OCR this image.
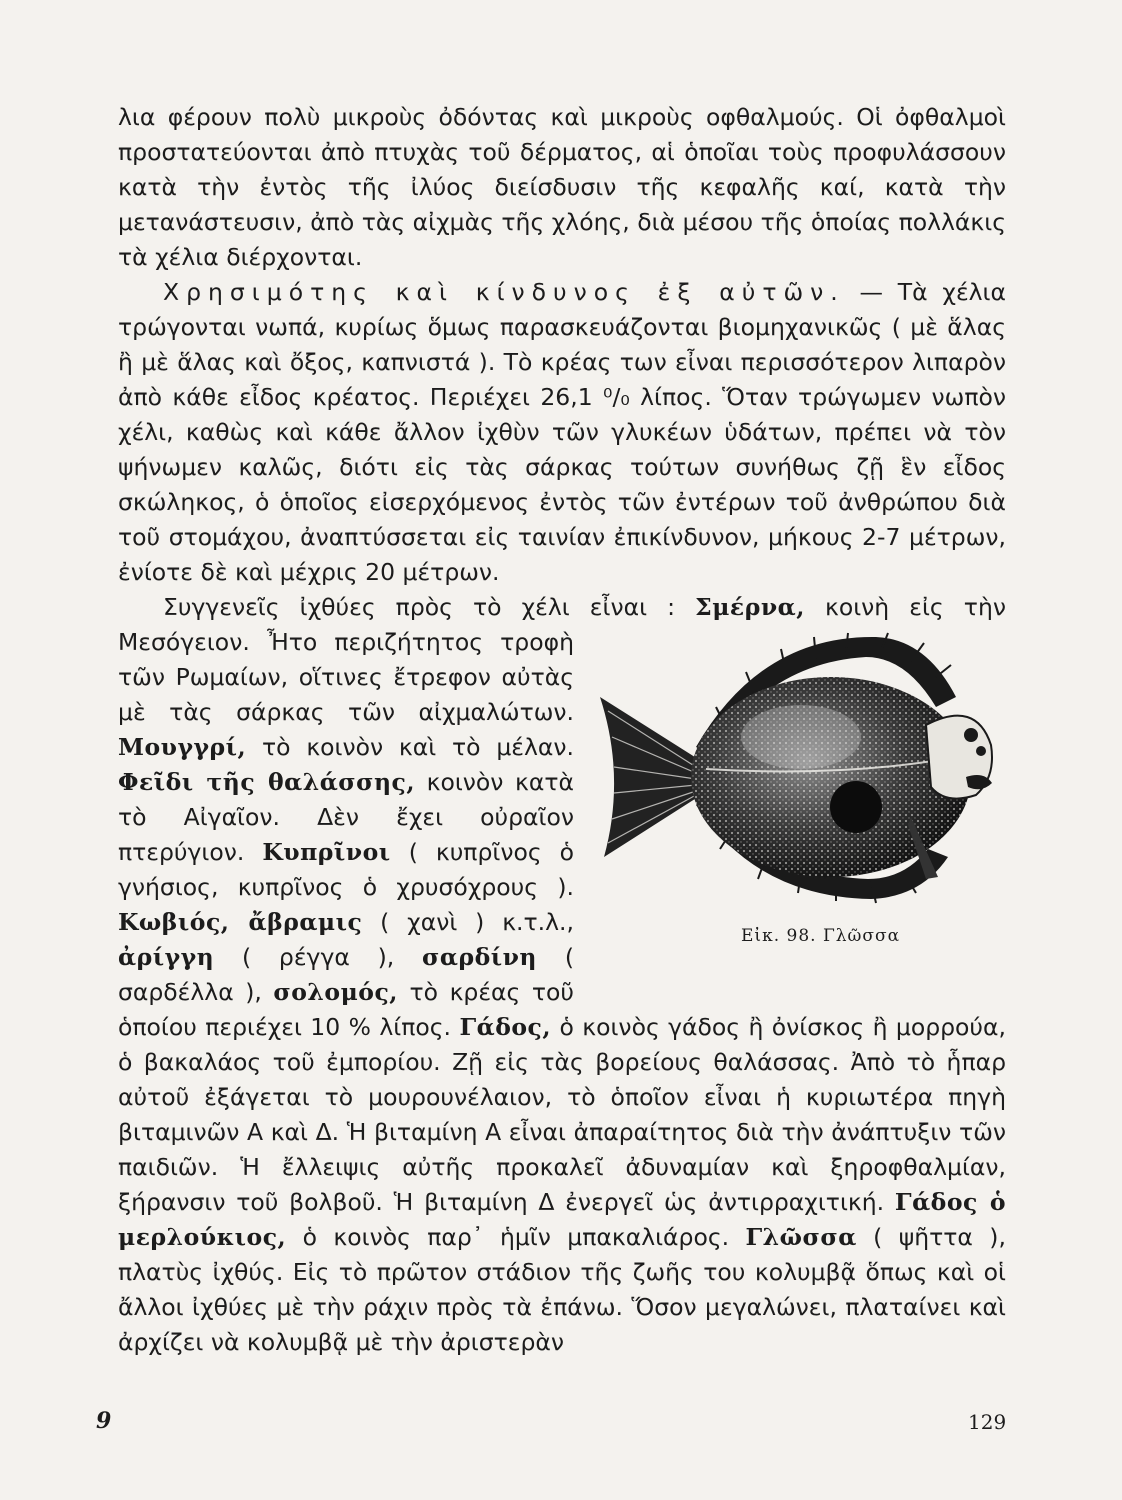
λια φέρουν πολὺ μικροὺς ὀδόντας καὶ μικροὺς οφθαλμούς. Οἱ ὀφθαλμοὶ προστατεύονται ἀπὸ πτυχὰς τοῦ δέρματος, αἱ ὁποῖαι τοὺς προφυλάσσουν κατὰ τὴν ἐντὸς τῆς ἰλύος διείσδυσιν τῆς κεφαλῆς καί, κατὰ τὴν μετανάστευσιν, ἀπὸ τὰς αἰχμὰς τῆς χλόης, διὰ μέσου τῆς ὁποίας πολλάκις τὰ χέλια διέρχονται.

Χρησιμότης καὶ κίνδυνος ἐξ αὐτῶν. — Τὰ χέλια τρώγονται νωπά, κυρίως ὅμως παρασκευάζονται βιομηχανικῶς ( μὲ ἅλας ἢ μὲ ἅλας καὶ ὄξος, καπνιστά ). Τὸ κρέας των εἶναι περισσότερον λιπαρὸν ἀπὸ κάθε εἶδος κρέατος. Περιέχει 26,1 ⁰/₀ λίπος. Ὅταν τρώγωμεν νωπὸν χέλι, καθὼς καὶ κάθε ἄλλον ἰχθὺν τῶν γλυκέων ὑδάτων, πρέπει νὰ τὸν ψήνωμεν καλῶς, διότι εἰς τὰς σάρκας τούτων συνήθως ζῇ ἓν εἶδος σκώληκος, ὁ ὁποῖος εἰσερχόμενος ἐντὸς τῶν ἐντέρων τοῦ ἀνθρώπου διὰ τοῦ στομάχου, ἀναπτύσσεται εἰς ταινίαν ἐπικίνδυνον, μήκους 2-7 μέτρων, ἐνίοτε δὲ καὶ μέχρις 20 μέτρων.

Συγγενεῖς ἰχθύες πρὸς τὸ χέλι εἶναι : Σμέρνα,
Εἰκ. 98. Γλῶσσα
κοινὴ εἰς τὴν Μεσόγειον. Ἦτο περιζήτητος τροφὴ τῶν Ρωμαίων, οἵτινες ἔτρεφον αὐτὰς μὲ τὰς σάρκας τῶν αἰχμαλώτων. Μουγγρί, τὸ κοινὸν καὶ τὸ μέλαν. Φεῖδι τῆς θαλάσσης, κοινὸν κατὰ τὸ Αἰγαῖον. Δὲν ἔχει οὐραῖον πτερύγιον. Κυπρῖνοι ( κυπρῖνος ὁ γνήσιος, κυπρῖνος ὁ χρυσόχρους ). Κωβιός, ἄβραμις ( χανὶ ) κ.τ.λ., ἀρίγγη ( ρέγγα ), σαρδίνη ( σαρδέλλα ), σολομός, τὸ κρέας τοῦ ὁποίου περιέχει 10 % λίπος. Γάδος, ὁ κοινὸς γάδος ἢ ὀνίσκος ἢ μορρούα, ὁ βακαλάος τοῦ ἐμπορίου. Ζῇ εἰς τὰς βορείους θαλάσσας. Ἀπὸ τὸ ἧπαρ αὐτοῦ ἐξάγεται τὸ μουρουνέλαιον, τὸ ὁποῖον εἶναι ἡ κυριωτέρα πηγὴ βιταμινῶν Α καὶ Δ. Ἡ βιταμίνη Α εἶναι ἀπαραίτητος διὰ τὴν ἀνάπτυξιν τῶν παιδιῶν. Ἡ ἔλλειψις αὐτῆς προκαλεῖ ἀδυναμίαν καὶ ξηροφθαλμίαν, ξήρανσιν τοῦ βολβοῦ. Ἡ βιταμίνη Δ ἐνεργεῖ ὡς ἀντιρραχιτική. Γάδος ὁ μερλούκιος, ὁ κοινὸς παρ᾽ ἡμῖν μπακαλιάρος. Γλῶσσα ( ψῆττα ), πλατὺς ἰχθύς. Εἰς τὸ πρῶτον στάδιον τῆς ζωῆς του κολυμβᾷ ὅπως καὶ οἱ ἄλλοι ἰχθύες μὲ τὴν ράχιν πρὸς τὰ ἐπάνω. Ὅσον μεγαλώνει, πλαταίνει καὶ ἀρχίζει νὰ κολυμβᾷ μὲ τὴν ἀριστερὰν

9	129
